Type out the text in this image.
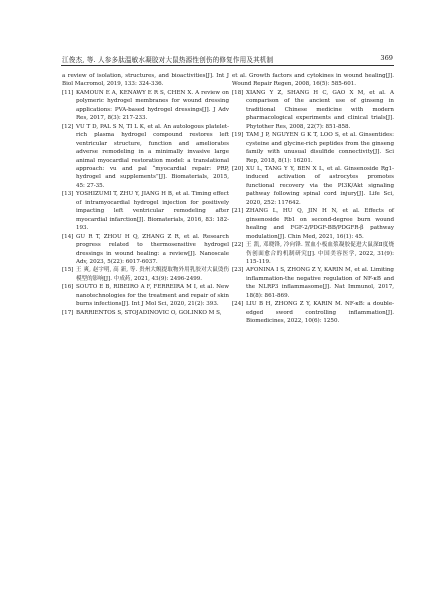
江俊杰, 等. 人参多肽温敏水凝胶对大鼠热源性创伤的修复作用及其机制	369
a review of isolation, structures, and bioactivities[J]. Int J Biol Macromol, 2019, 133: 324-336.
[11] KAMOUN E A, KENAWY E R S, CHEN X. A review on polymeric hydrogel membranes for wound dressing applications: PVA-based hydrogel dressings[J]. J Adv Res, 2017, 8(3): 217-233.
[12] VU T D, PAL S N, TI L K, et al. An autologous platelet-rich plasma hydrogel compound restores left ventricular structure, function and ameliorates adverse remodeling in a minimally invasive large animal myocardial restoration model: a translational approach: vu and pal “myocardial repair: PRP, hydrogel and supplements”[J]. Biomaterials, 2015, 45: 27-35.
[13] YOSHIZUMI T, ZHU Y, JIANG H B, et al. Timing effect of intramyocardial hydrogel injection for positively impacting left ventricular remodeling after myocardial infarction[J]. Biomaterials, 2016, 83: 182-193.
[14] GU R T, ZHOU H Q, ZHANG Z R, et al. Research progress related to thermosensitive hydrogel dressings in wound healing: a review[J]. Nanoscale Adv, 2023, 5(22): 6017-6037.
[15] 王 爽, 赵宇明, 高 新, 等. 贵州大鲵提取物外用乳胶对大鼠烫伤模型的影响[J]. 中成药, 2021, 43(9): 2496-2499.
[16] SOUTO E B, RIBEIRO A F, FERREIRA M I, et al. New nanotechnologies for the treatment and repair of skin burns infections[J]. Int J Mol Sci, 2020, 21(2): 393.
[17] BARRIENTOS S, STOJADINOVIC O, GOLINKO M S,
et al. Growth factors and cytokines in wound healing[J]. Wound Repair Regen, 2008, 16(5): 585-601.
[18] XIANG Y Z, SHANG H C, GAO X M, et al. A comparison of the ancient use of ginseng in traditional Chinese medicine with modern pharmacological experiments and clinical trials[J]. Phytother Res, 2008, 22(7): 851-858.
[19] TAM J P, NGUYEN G K T, LOO S, et al. Ginsentides: cysteine and glycine-rich peptides from the ginseng family with unusual disulfide connectivity[J]. Sci Rep, 2018, 8(1): 16201.
[20] XU L, TANG Y Y, BEN X L, et al. Ginsenoside Rg1-induced activation of astrocytes promotes functional recovery via the PI3K/Akt signaling pathway following spinal cord injury[J]. Life Sci, 2020, 252: 117642.
[21] ZHANG L, HU Q, JIN H N, et al. Effects of ginsenoside Rb1 on second-degree burn wound healing and FGF-2/PDGF-BB/PDGFR-β pathway modulation[J]. Chin Med, 2021, 16(1): 45.
[22] 王 凯, 邓晓锋, 冷向锋. 置血小板血浆凝胶促进大鼠深Ⅱ度烧伤创面愈合的机制研究[J]. 中国美容医学, 2022, 31(9): 115-119.
[23] AFONINA I S, ZHONG Z Y, KARIN M, et al. Limiting inflammation-the negative regulation of NF-κB and the NLRP3 inflammasome[J]. Nat Immunol, 2017, 18(8): 861-869.
[24] LIU B H, ZHONG Z Y, KARIN M. NF-κB: a double-edged sword controlling inflammation[J]. Biomedicines, 2022, 10(6): 1250.
